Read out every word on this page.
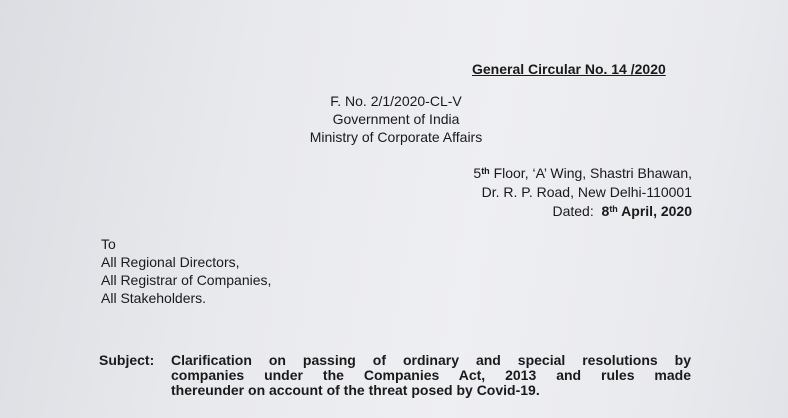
General Circular No. 14 /2020
F. No. 2/1/2020-CL-V
Government of India
Ministry of Corporate Affairs
5th Floor, ‘A’ Wing, Shastri Bhawan,
Dr. R. P. Road, New Delhi-110001
Dated: 8th April, 2020
To
All Regional Directors,
All Registrar of Companies,
All Stakeholders.
Subject: Clarification on passing of ordinary and special resolutions by
companies under the Companies Act, 2013 and rules made
thereunder on account of the threat posed by Covid-19.
